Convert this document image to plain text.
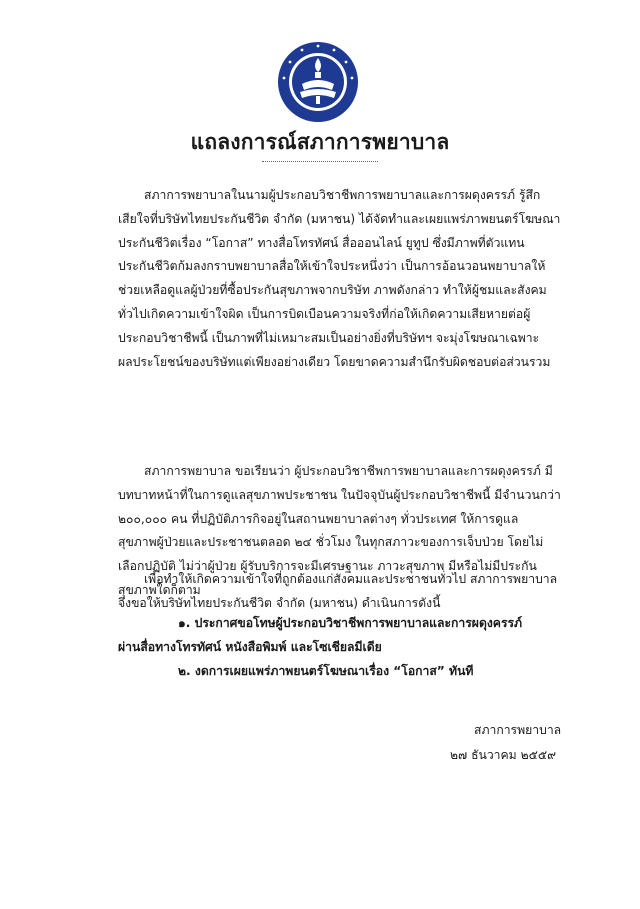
แถลงการณ์สภาการพยาบาล
สภาการพยาบาลในนามผู้ประกอบวิชาชีพการพยาบาลและการผดุงครรภ์ รู้สึก
เสียใจที่บริษัทไทยประกันชีวิต จำกัด (มหาชน) ได้จัดทำและเผยแพร่ภาพยนตร์โฆษณา
ประกันชีวิตเรื่อง “โอกาส” ทางสื่อโทรทัศน์ สื่อออนไลน์ ยูทูป ซึ่งมีภาพที่ตัวแทน
ประกันชีวิตก้มลงกราบพยาบาลสื่อให้เข้าใจประหนึ่งว่า เป็นการอ้อนวอนพยาบาลให้
ช่วยเหลือดูแลผู้ป่วยที่ซื้อประกันสุขภาพจากบริษัท ภาพดังกล่าว ทำให้ผู้ชมและสังคม
ทั่วไปเกิดความเข้าใจผิด เป็นการบิดเบือนความจริงที่ก่อให้เกิดความเสียหายต่อผู้
ประกอบวิชาชีพนี้ เป็นภาพที่ไม่เหมาะสมเป็นอย่างยิ่งที่บริษัทฯ จะมุ่งโฆษณาเฉพาะ
ผลประโยชน์ของบริษัทแต่เพียงอย่างเดียว โดยขาดความสำนึกรับผิดชอบต่อส่วนรวม
สภาการพยาบาล ขอเรียนว่า ผู้ประกอบวิชาชีพการพยาบาลและการผดุงครรภ์ มี
บทบาทหน้าที่ในการดูแลสุขภาพประชาชน ในปัจจุบันผู้ประกอบวิชาชีพนี้ มีจำนวนกว่า
๒๐๐,๐๐๐ คน ที่ปฏิบัติภารกิจอยู่ในสถานพยาบาลต่างๆ ทั่วประเทศ ให้การดูแล
สุขภาพผู้ป่วยและประชาชนตลอด ๒๔ ชั่วโมง ในทุกสภาวะของการเจ็บป่วย โดยไม่
เลือกปฏิบัติ ไม่ว่าผู้ป่วย ผู้รับบริการจะมีเศรษฐานะ ภาวะสุขภาพ มีหรือไม่มีประกัน
สุขภาพใดก็ตาม
เพื่อทำให้เกิดความเข้าใจที่ถูกต้องแก่สังคมและประชาชนทั่วไป สภาการพยาบาล
จึงขอให้บริษัทไทยประกันชีวิต จำกัด (มหาชน) ดำเนินการดังนี้
๑. ประกาศขอโทษผู้ประกอบวิชาชีพการพยาบาลและการผดุงครรภ์
ผ่านสื่อทางโทรทัศน์ หนังสือพิมพ์ และโซเชียลมีเดีย
๒. งดการเผยแพร่ภาพยนตร์โฆษณาเรื่อง “โอกาส” ทันที
สภาการพยาบาล
๒๗ ธันวาคม ๒๕๕๙
